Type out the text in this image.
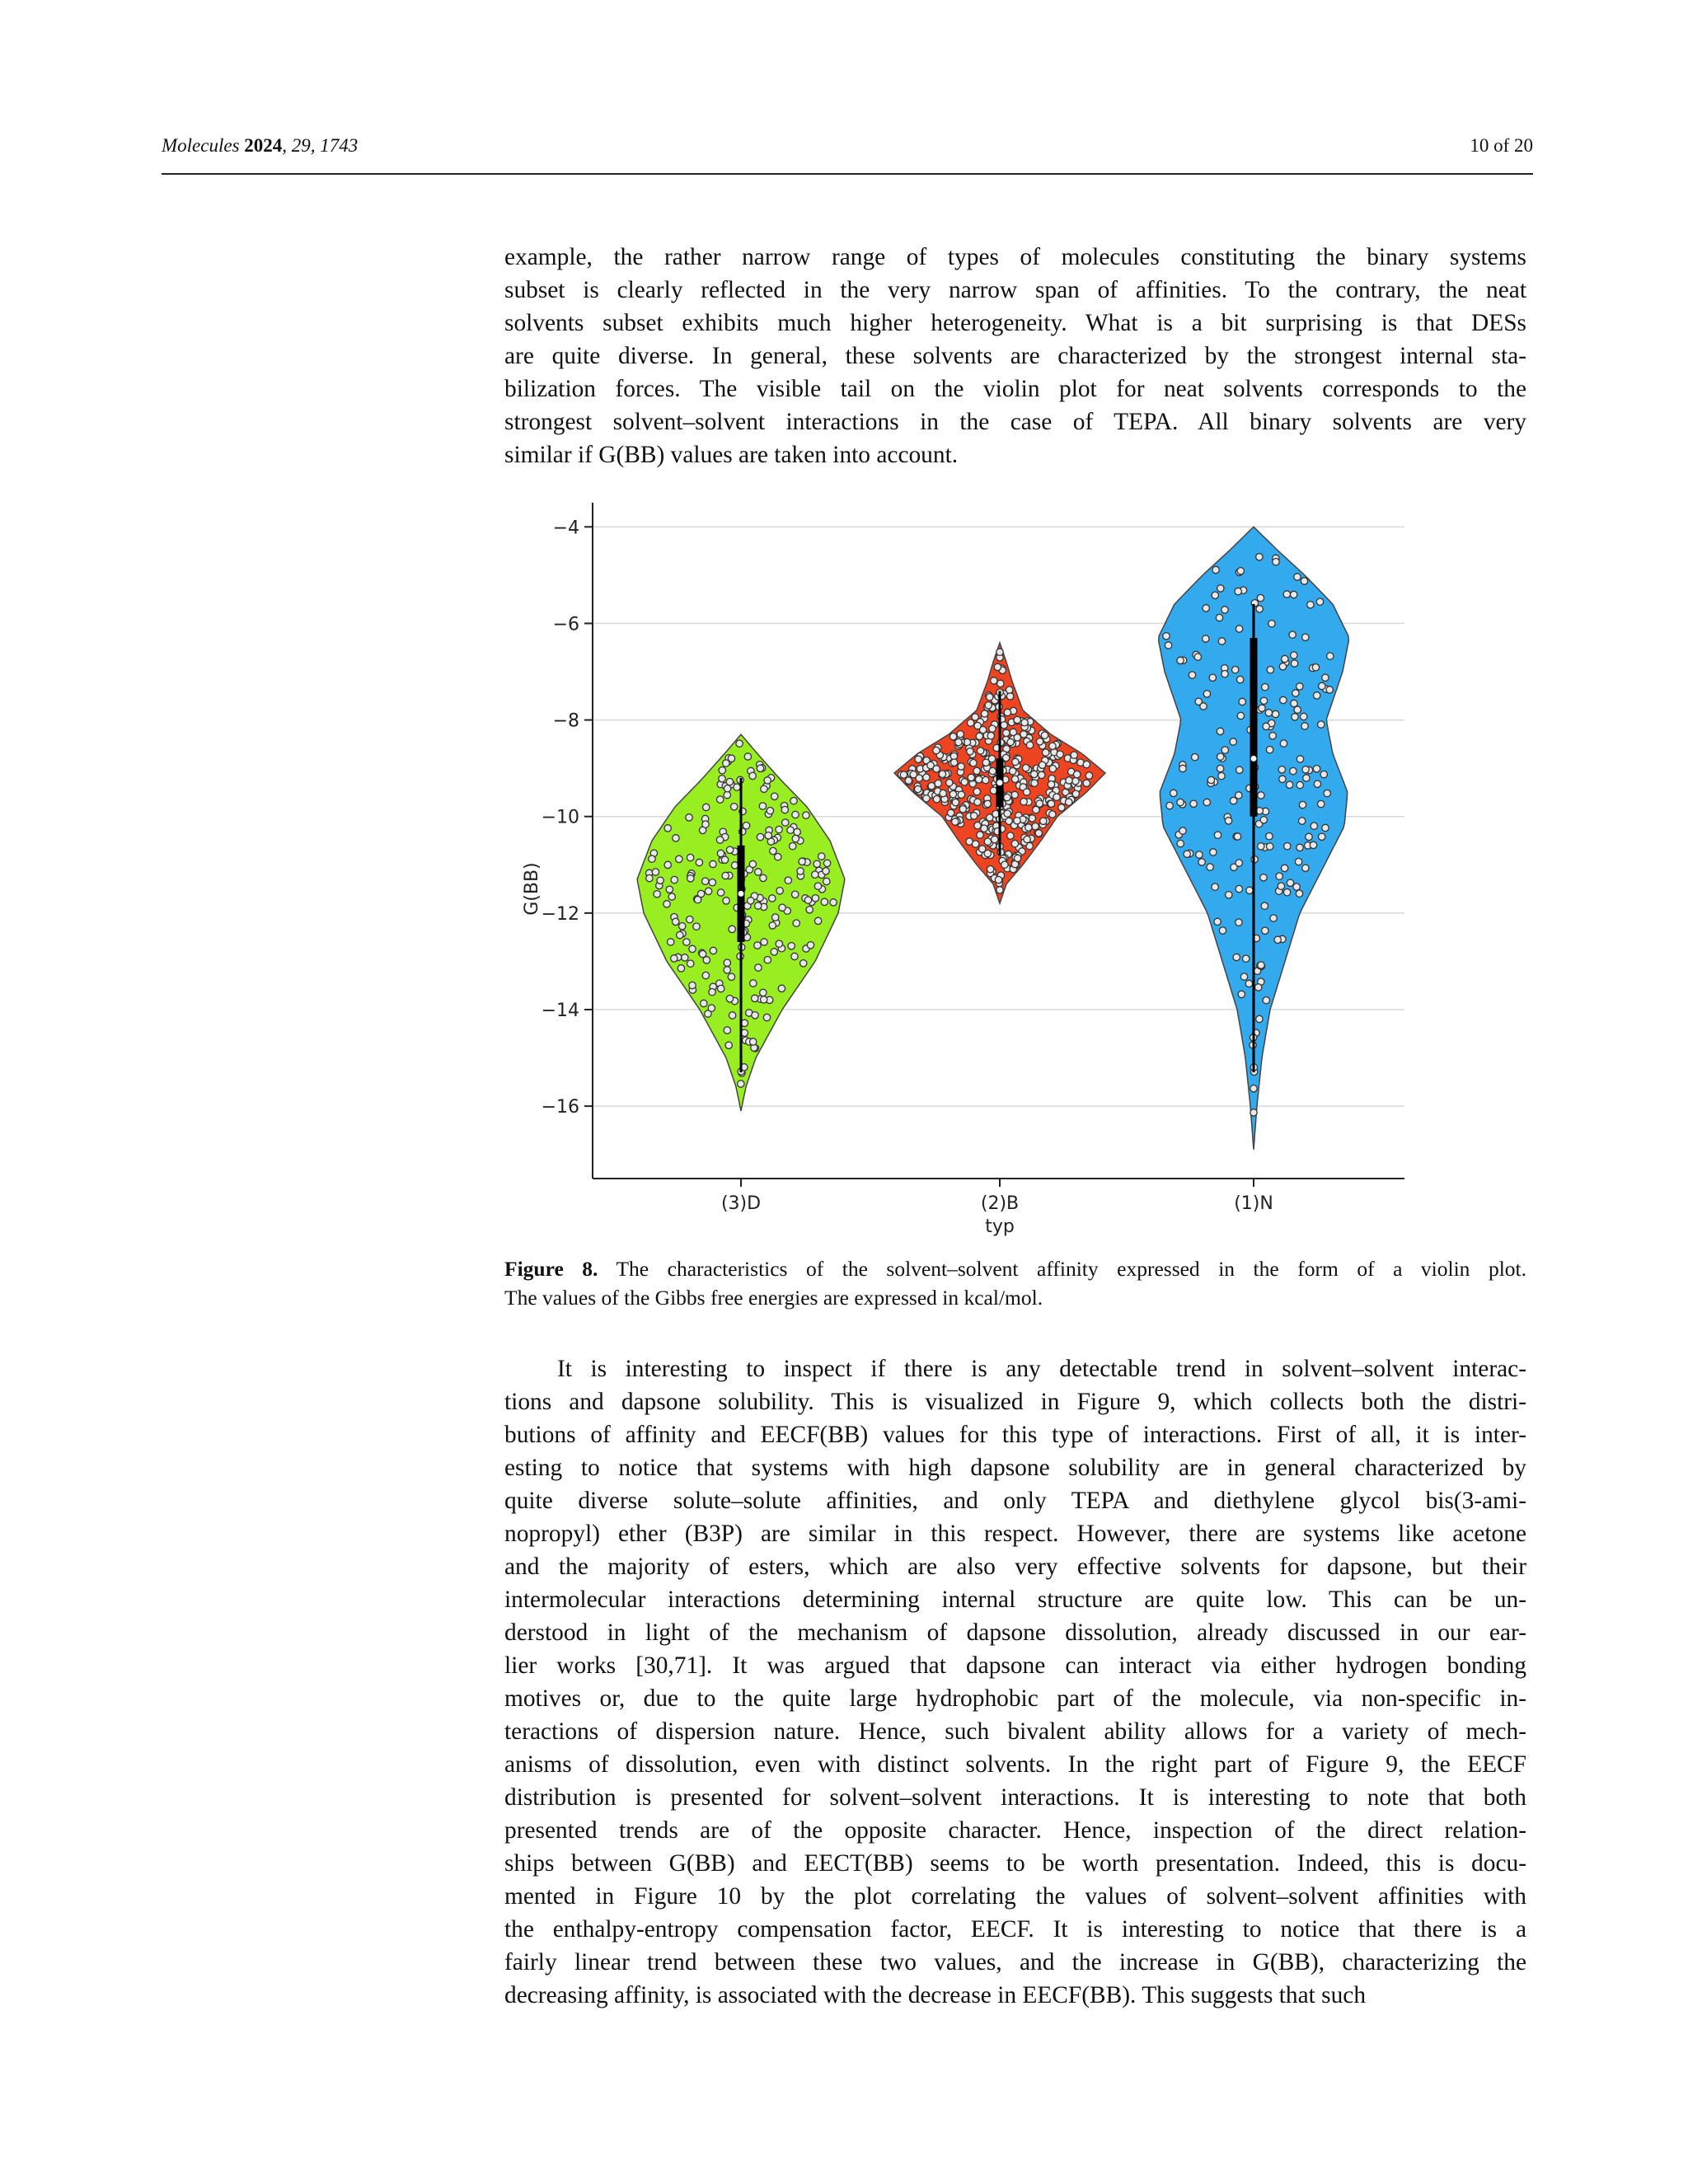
Molecules 2024, 29, 1743	10 of 20
example, the rather narrow range of types of molecules constituting the binary systems
subset is clearly reflected in the very narrow span of affinities. To the contrary, the neat
solvents subset exhibits much higher heterogeneity. What is a bit surprising is that DESs
are quite diverse. In general, these solvents are characterized by the strongest internal sta-
bilization forces. The visible tail on the violin plot for neat solvents corresponds to the
strongest solvent–solvent interactions in the case of TEPA. All binary solvents are very
similar if G(BB) values are taken into account.
−4
−6
−8
−10
−12
−14
−16
(3)D	(2)B	(1)N
typ
G(BB)
Figure 8. The characteristics of the solvent–solvent affinity expressed in the form of a violin plot.
The values of the Gibbs free energies are expressed in kcal/mol.
It is interesting to inspect if there is any detectable trend in solvent–solvent interac-
tions and dapsone solubility. This is visualized in Figure 9, which collects both the distri-
butions of affinity and EECF(BB) values for this type of interactions. First of all, it is inter-
esting to notice that systems with high dapsone solubility are in general characterized by
quite diverse solute–solute affinities, and only TEPA and diethylene glycol bis(3-ami-
nopropyl) ether (B3P) are similar in this respect. However, there are systems like acetone
and the majority of esters, which are also very effective solvents for dapsone, but their
intermolecular interactions determining internal structure are quite low. This can be un-
derstood in light of the mechanism of dapsone dissolution, already discussed in our ear-
lier works [30,71]. It was argued that dapsone can interact via either hydrogen bonding
motives or, due to the quite large hydrophobic part of the molecule, via non-specific in-
teractions of dispersion nature. Hence, such bivalent ability allows for a variety of mech-
anisms of dissolution, even with distinct solvents. In the right part of Figure 9, the EECF
distribution is presented for solvent–solvent interactions. It is interesting to note that both
presented trends are of the opposite character. Hence, inspection of the direct relation-
ships between G(BB) and EECT(BB) seems to be worth presentation. Indeed, this is docu-
mented in Figure 10 by the plot correlating the values of solvent–solvent affinities with
the enthalpy-entropy compensation factor, EECF. It is interesting to notice that there is a
fairly linear trend between these two values, and the increase in G(BB), characterizing the
decreasing affinity, is associated with the decrease in EECF(BB). This suggests that such
